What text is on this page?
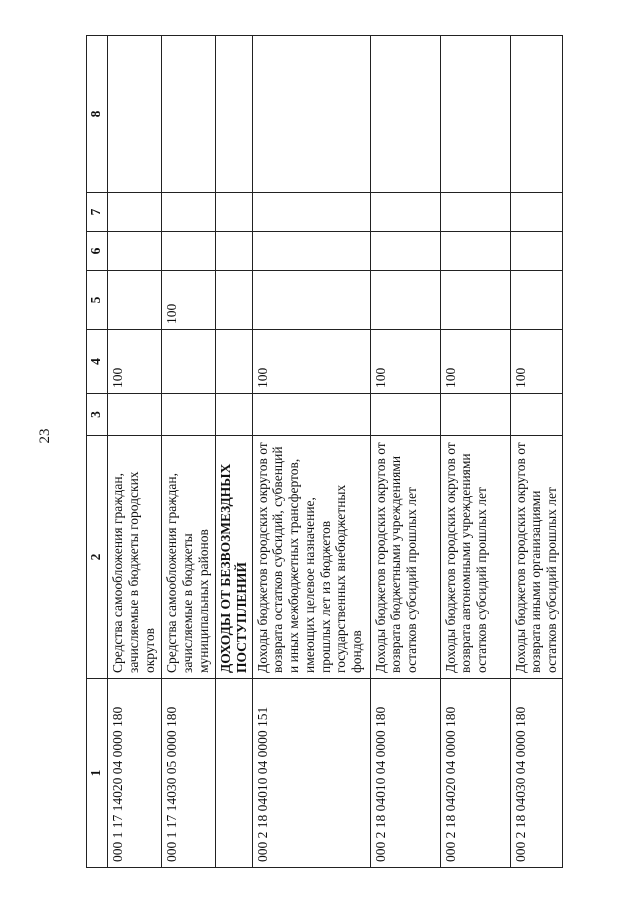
23
1	2	3	4	5	6	7	8
000 1 17 14020 04 0000 180	Средства самообложения граждан, зачисляемые в бюджеты городских округов		100				
000 1 17 14030 05 0000 180	Средства самообложения граждан, зачисляемые в бюджеты муниципальных районов			100			
	ДОХОДЫ ОТ БЕЗВОЗМЕЗДНЫХ ПОСТУПЛЕНИЙ						
000 2 18 04010 04 0000 151	Доходы бюджетов городских округов от возврата остатков субсидий, субвенций и иных межбюджетных трансфертов, имеющих целевое назначение, прошлых лет из бюджетов государственных внебюджетных фондов		100				
000 2 18 04010 04 0000 180	Доходы бюджетов городских округов от возврата бюджетными учреждениями остатков субсидий прошлых лет		100				
000 2 18 04020 04 0000 180	Доходы бюджетов городских округов от возврата автономными учреждениями остатков субсидий прошлых лет		100				
000 2 18 04030 04 0000 180	Доходы бюджетов городских округов от возврата иными организациями остатков субсидий прошлых лет		100				
